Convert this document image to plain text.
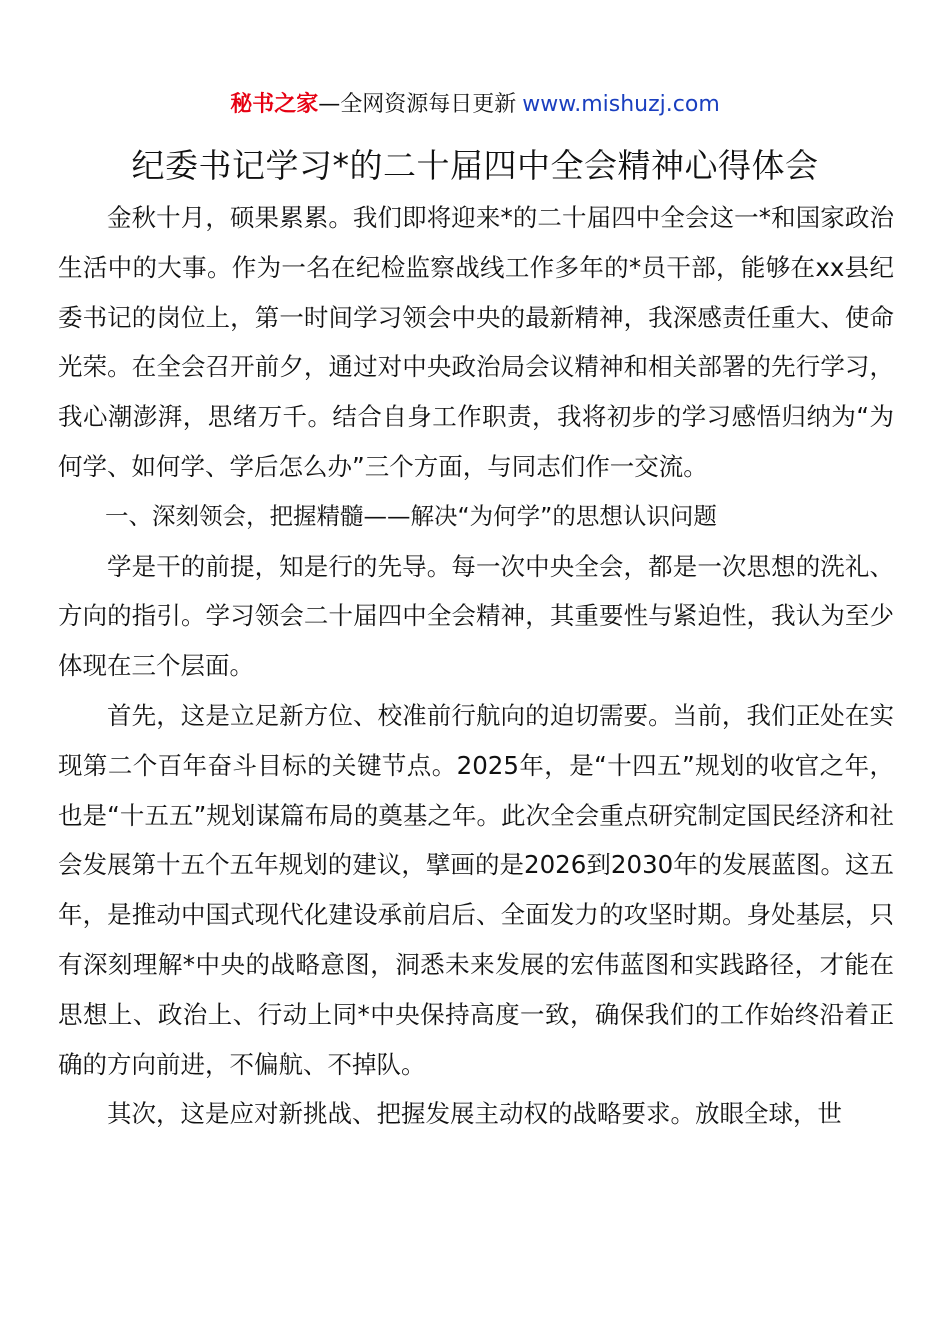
秘书之家—全网资源每日更新 www.mishuzj.com
纪委书记学习*的二十届四中全会精神心得体会

金秋十月，硕果累累。我们即将迎来*的二十届四中全会这一*和国家政治生活中的大事。作为一名在纪检监察战线工作多年的*员干部，能够在xx县纪委书记的岗位上，第一时间学习领会中央的最新精神，我深感责任重大、使命光荣。在全会召开前夕，通过对中央政治局会议精神和相关部署的先行学习，我心潮澎湃，思绪万千。结合自身工作职责，我将初步的学习感悟归纳为“为何学、如何学、学后怎么办”三个方面，与同志们作一交流。

一、深刻领会，把握精髓——解决“为何学”的思想认识问题

学是干的前提，知是行的先导。每一次中央全会，都是一次思想的洗礼、方向的指引。学习领会二十届四中全会精神，其重要性与紧迫性，我认为至少体现在三个层面。

首先，这是立足新方位、校准前行航向的迫切需要。当前，我们正处在实现第二个百年奋斗目标的关键节点。2025年，是“十四五”规划的收官之年，也是“十五五”规划谋篇布局的奠基之年。此次全会重点研究制定国民经济和社会发展第十五个五年规划的建议，擘画的是2026到2030年的发展蓝图。这五年，是推动中国式现代化建设承前启后、全面发力的攻坚时期。身处基层，只有深刻理解*中央的战略意图，洞悉未来发展的宏伟蓝图和实践路径，才能在思想上、政治上、行动上同*中央保持高度一致，确保我们的工作始终沿着正确的方向前进，不偏航、不掉队。

其次，这是应对新挑战、把握发展主动权的战略要求。放眼全球，世
